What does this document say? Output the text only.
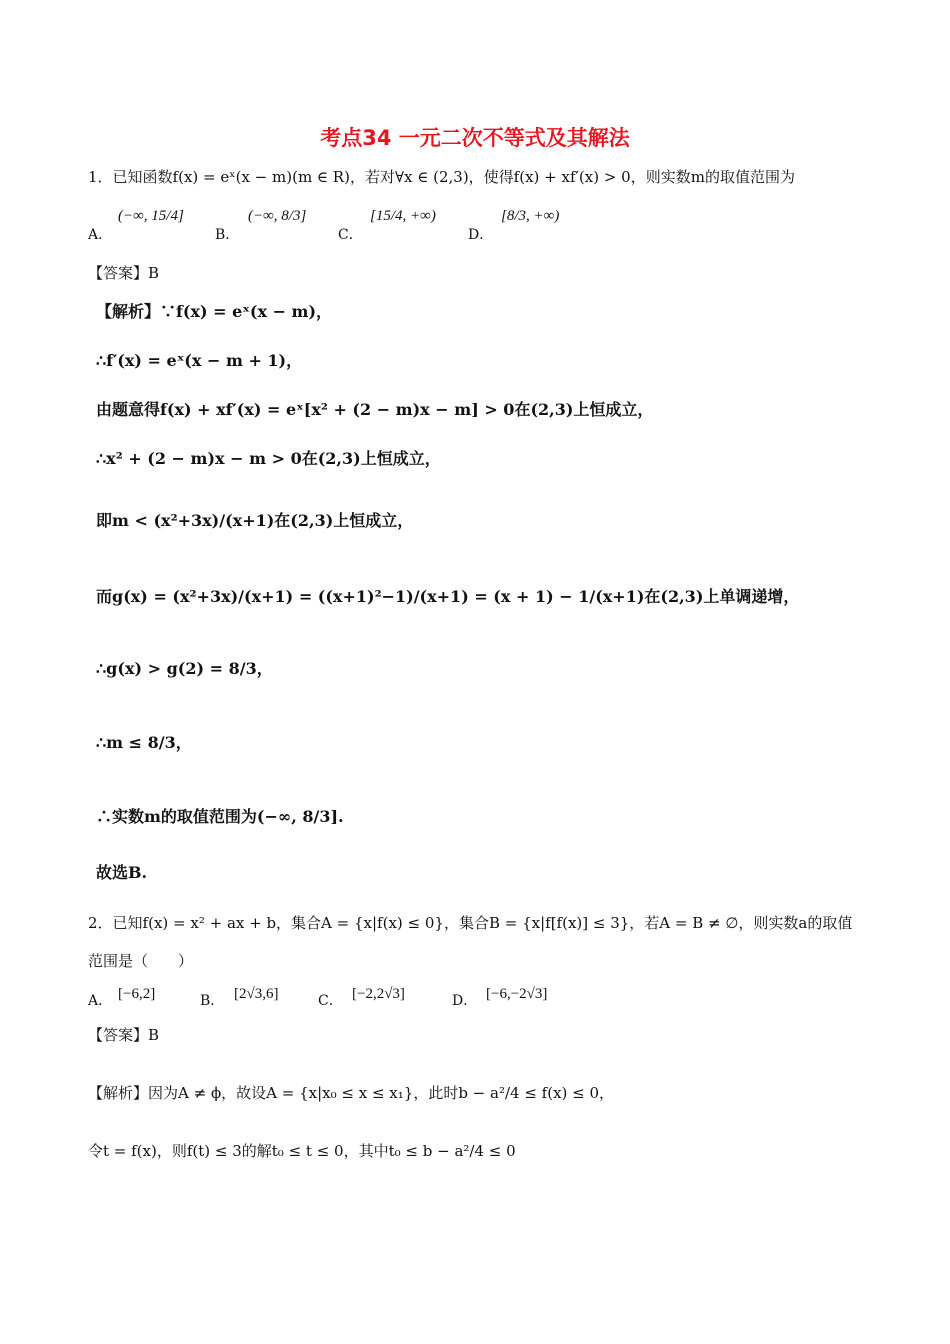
考点34 一元二次不等式及其解法
1．已知函数f(x) = eˣ(x − m)(m ∈ R)，若对∀x ∈ (2,3)，使得f(x) + xf′(x) > 0，则实数m的取值范围为
A．
(−∞, 15/4]
B．
(−∞, 8/3]
C．
[15/4, +∞)
D．
[8/3, +∞)
【答案】B
【解析】∵f(x) = eˣ(x − m)，
∴f′(x) = eˣ(x − m + 1)，
由题意得f(x) + xf′(x) = eˣ[x² + (2 − m)x − m] > 0在(2,3)上恒成立，
∴x² + (2 − m)x − m > 0在(2,3)上恒成立，
即m < (x²+3x)/(x+1)在(2,3)上恒成立，
而g(x) = (x²+3x)/(x+1) = ((x+1)²−1)/(x+1) = (x + 1) − 1/(x+1)在(2,3)上单调递增，
∴g(x) > g(2) = 8/3，
∴m ≤ 8/3，
∴实数m的取值范围为(−∞, 8/3].
故选B.
2．已知f(x) = x² + ax + b，集合A = {x|f(x) ≤ 0}，集合B = {x|f[f(x)] ≤ 3}，若A = B ≠ ∅，则实数a的取值
范围是（　　）
A． [−6,2]	B． [2√3,6]	C． [−2,2√3]	D． [−6,−2√3]
【答案】B
【解析】因为A ≠ ϕ，故设A = {x|x₀ ≤ x ≤ x₁}，此时b − a²/4 ≤ f(x) ≤ 0，
令t = f(x)，则f(t) ≤ 3的解t₀ ≤ t ≤ 0，其中t₀ ≤ b − a²/4 ≤ 0
